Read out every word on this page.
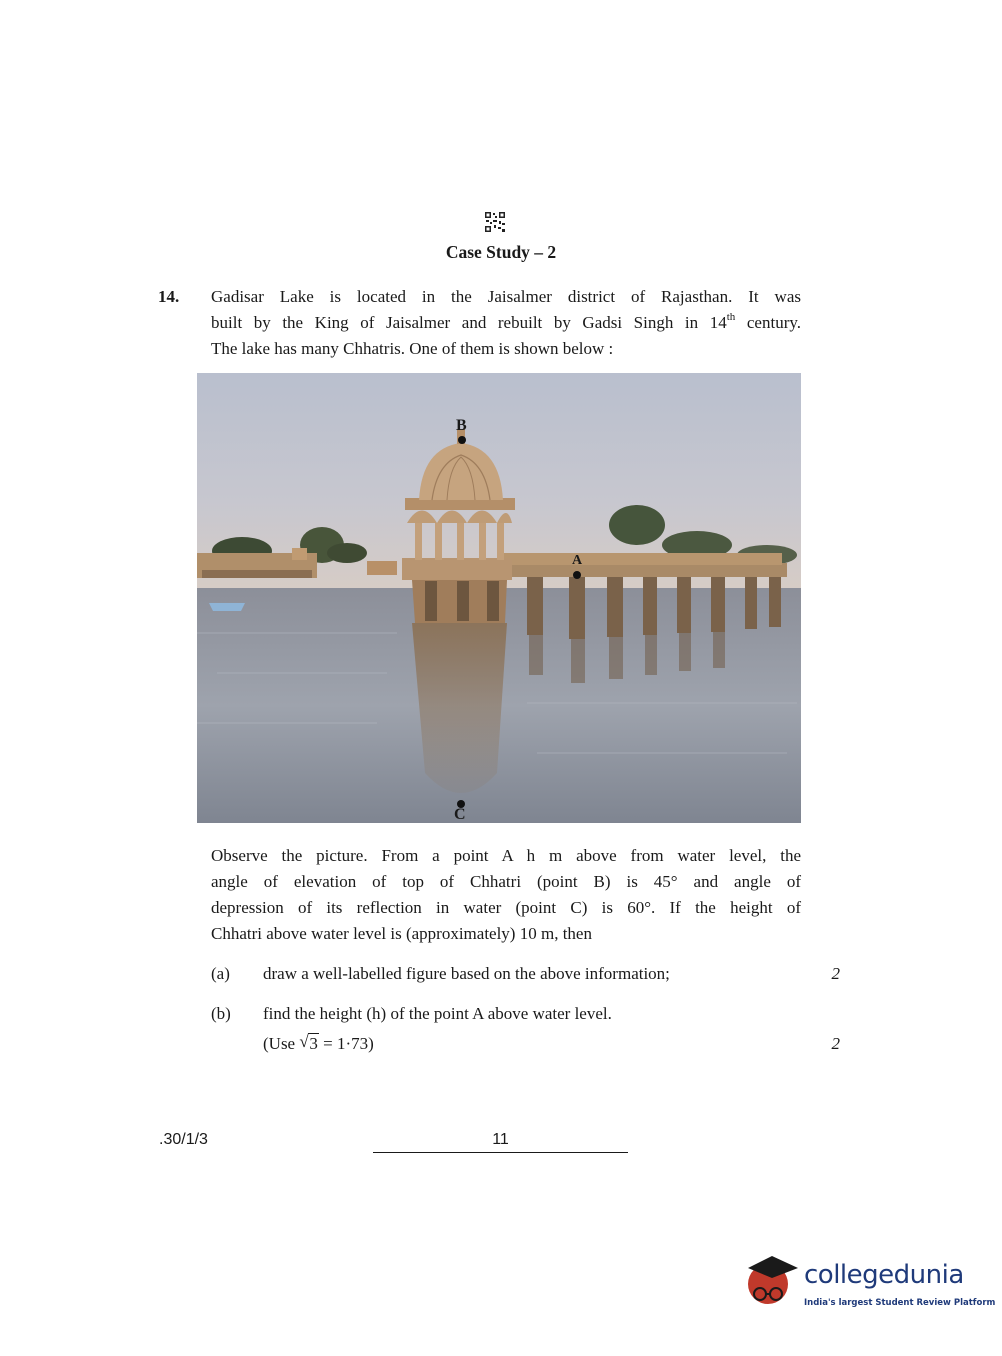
Case Study – 2
14. Gadisar Lake is located in the Jaisalmer district of Rajasthan. It was
built by the King of Jaisalmer and rebuilt by Gadsi Singh in 14th century.
The lake has many Chhatris. One of them is shown below :
B
A
C
Observe the picture. From a point A h m above from water level, the
angle of elevation of top of Chhatri (point B) is 45° and angle of
depression of its reflection in water (point C) is 60°. If the height of
Chhatri above water level is (approximately) 10 m, then
(a) draw a well-labelled figure based on the above information;	2
(b) find the height (h) of the point A above water level.
(Use √ 3 = 1·73)	2
.30/1/3	11
collegedunia
India's largest Student Review Platform
